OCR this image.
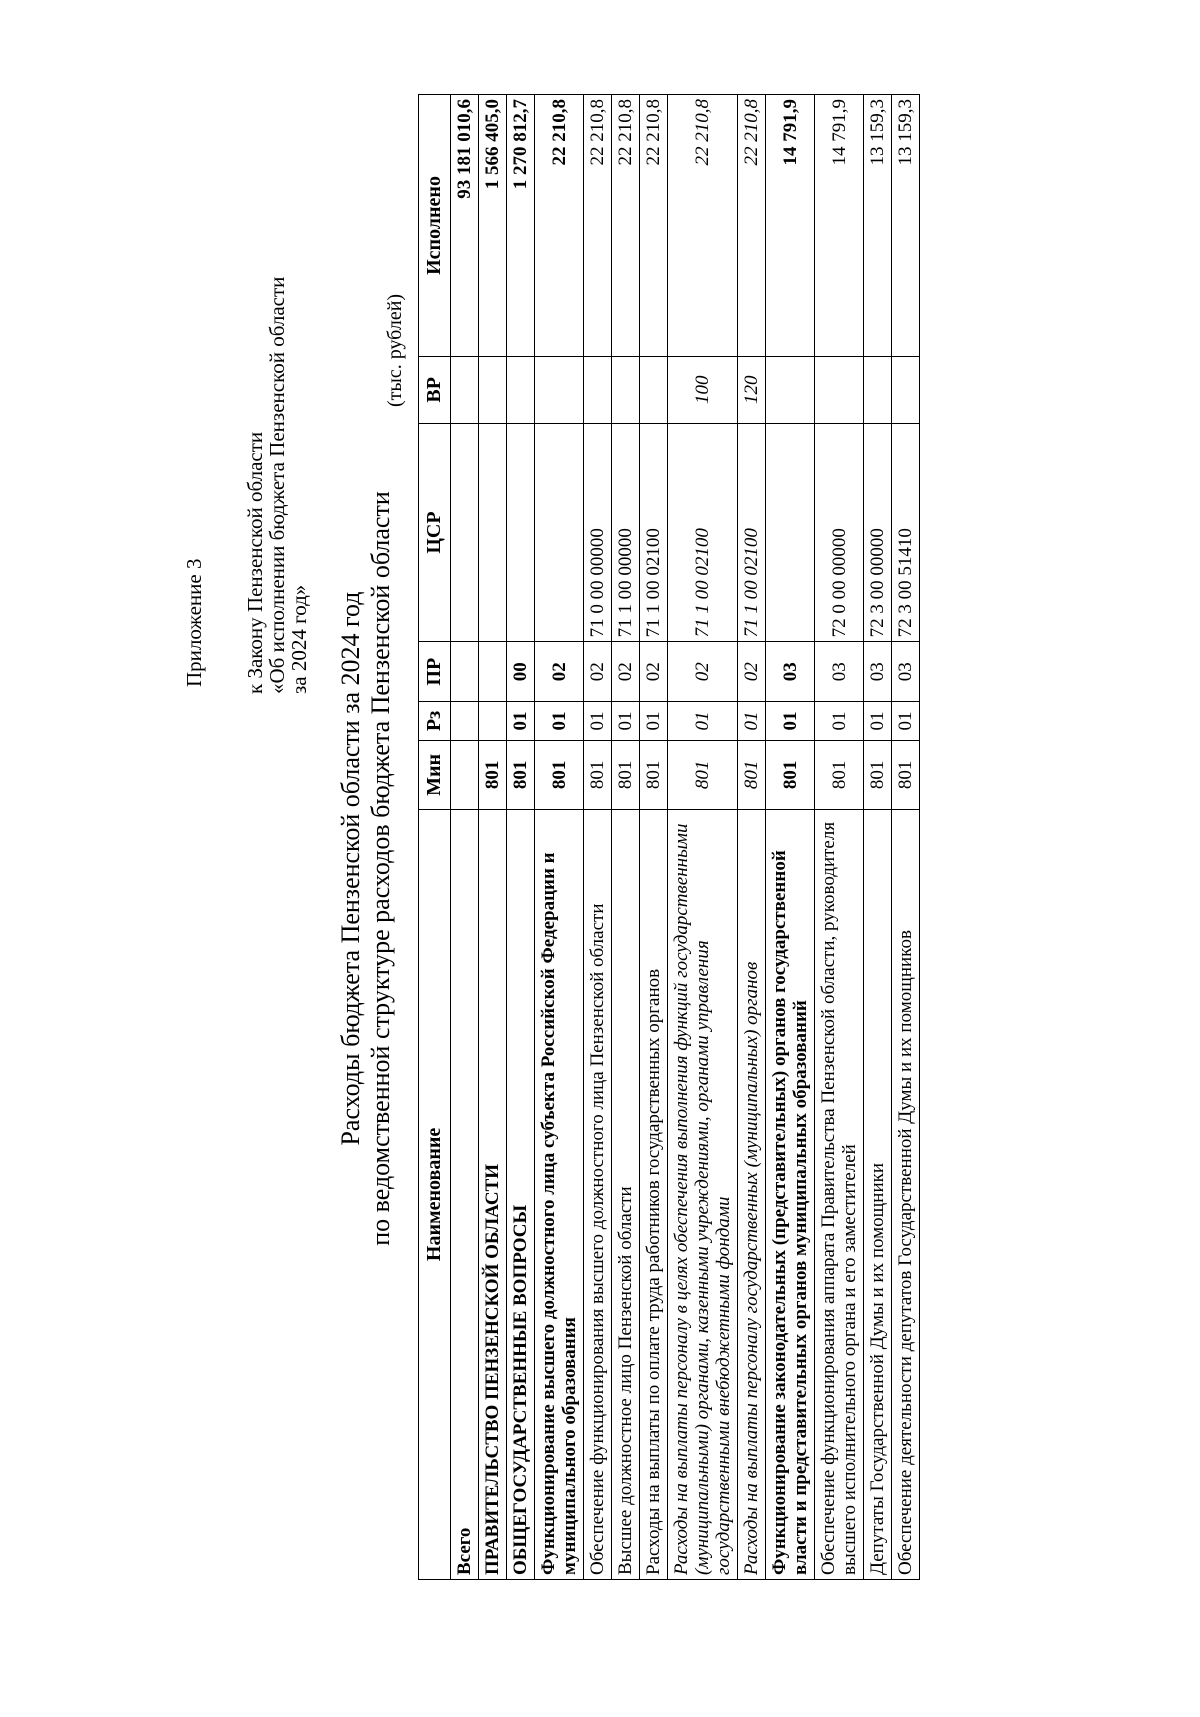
Приложение 3 к Закону Пензенской области
«Об исполнении бюджета Пензенской области
за 2024 год» Расходы бюджета Пензенской области за 2024 год по ведомственной структуре расходов бюджета Пензенской области
(тыс. рублей)
Наименование	Мин	Рз	ПР	ЦСР	ВР	Исполнено
Всего						93 181 010,6
ПРАВИТЕЛЬСТВО ПЕНЗЕНСКОЙ ОБЛАСТИ	801					1 566 405,0
ОБЩЕГОСУДАРСТВЕННЫЕ ВОПРОСЫ	801	01	00			1 270 812,7
Функционирование высшего должностного лица субъекта Российской Федерации и муниципального образования	801	01	02			22 210,8
Обеспечение функционирования высшего должностного лица Пензенской области	801	01	02	71 0 00 00000		22 210,8
Высшее должностное лицо Пензенской области	801	01	02	71 1 00 00000		22 210,8
Расходы на выплаты по оплате труда работников государственных органов	801	01	02	71 1 00 02100		22 210,8
Расходы на выплаты персоналу в целях обеспечения выполнения функций государственными (муниципальными) органами, казенными учреждениями, органами управления государственными внебюджетными фондами	801	01	02	71 1 00 02100	100	22 210,8
Расходы на выплаты персоналу государственных (муниципальных) органов	801	01	02	71 1 00 02100	120	22 210,8
Функционирование законодательных (представительных) органов государственной власти и представительных органов муниципальных образований	801	01	03			14 791,9
Обеспечение функционирования аппарата Правительства Пензенской области, руководителя высшего исполнительного органа и его заместителей	801	01	03	72 0 00 00000		14 791,9
Депутаты Государственной Думы и их помощники	801	01	03	72 3 00 00000		13 159,3
Обеспечение деятельности депутатов Государственной Думы и их помощников	801	01	03	72 3 00 51410		13 159,3
